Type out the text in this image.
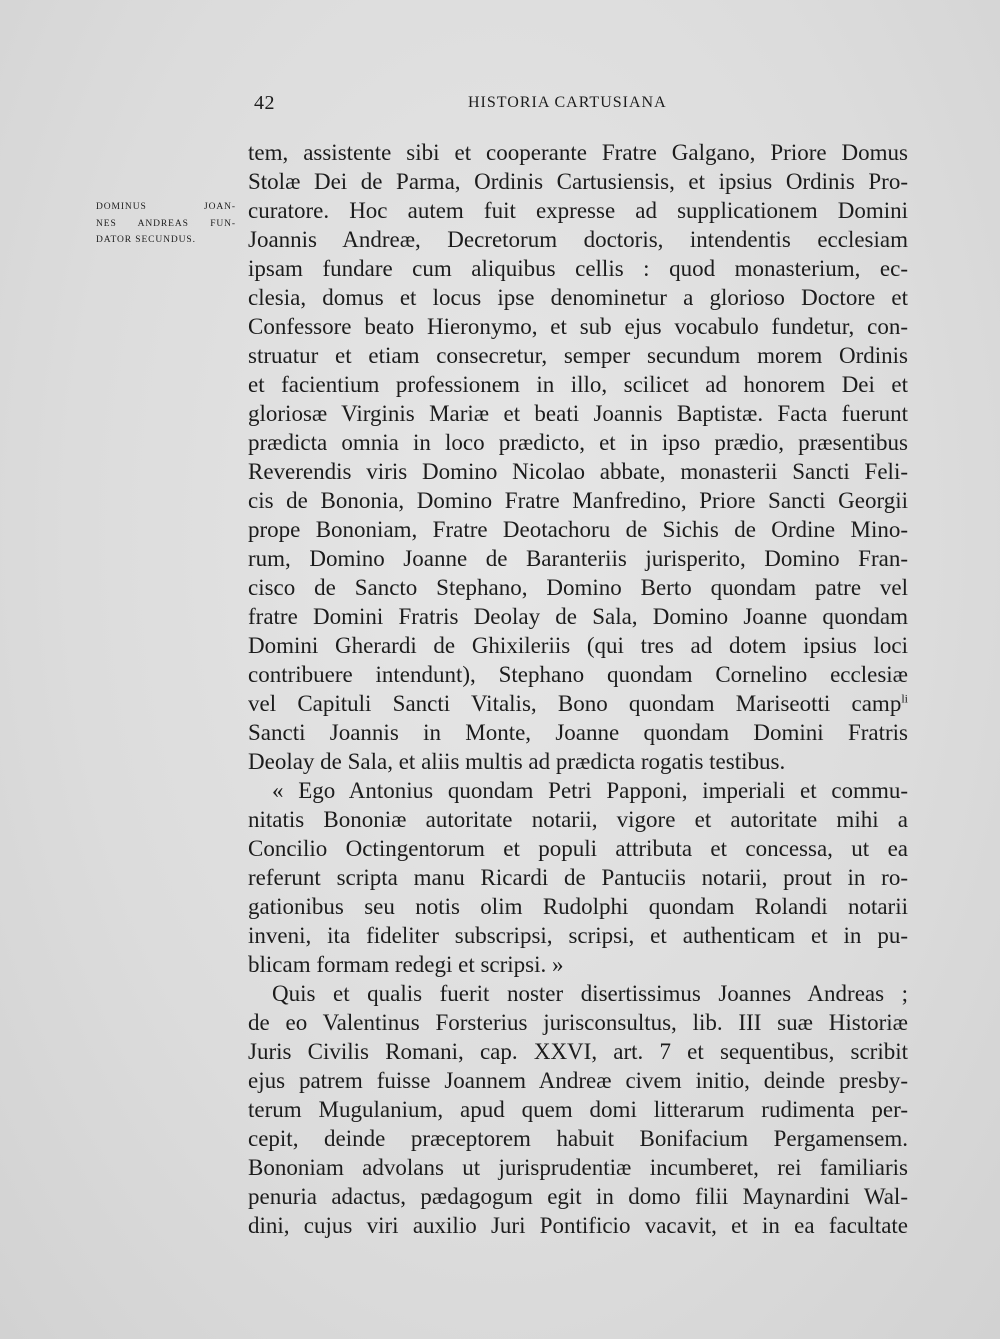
42	HISTORIA CARTUSIANA
DOMINUS JOAN-
NES ANDREAS FUN-
DATOR SECUNDUS.
tem, assistente sibi et cooperante Fratre Galgano, Priore Domus
Stolæ Dei de Parma, Ordinis Cartusiensis, et ipsius Ordinis Pro-
curatore. Hoc autem fuit expresse ad supplicationem Domini
Joannis Andreæ, Decretorum doctoris, intendentis ecclesiam
ipsam fundare cum aliquibus cellis : quod monasterium, ec-
clesia, domus et locus ipse denominetur a glorioso Doctore et
Confessore beato Hieronymo, et sub ejus vocabulo fundetur, con-
struatur et etiam consecretur, semper secundum morem Ordinis
et facientium professionem in illo, scilicet ad honorem Dei et
gloriosæ Virginis Mariæ et beati Joannis Baptistæ. Facta fuerunt
prædicta omnia in loco prædicto, et in ipso prædio, præsentibus
Reverendis viris Domino Nicolao abbate, monasterii Sancti Feli-
cis de Bononia, Domino Fratre Manfredino, Priore Sancti Georgii
prope Bononiam, Fratre Deotachoru de Sichis de Ordine Mino-
rum, Domino Joanne de Baranteriis jurisperito, Domino Fran-
cisco de Sancto Stephano, Domino Berto quondam patre vel
fratre Domini Fratris Deolay de Sala, Domino Joanne quondam
Domini Gherardi de Ghixileriis (qui tres ad dotem ipsius loci
contribuere intendunt), Stephano quondam Cornelino ecclesiæ
vel Capituli Sancti Vitalis, Bono quondam Mariseotti camp$^{li}$
Sancti Joannis in Monte, Joanne quondam Domini Fratris
Deolay de Sala, et aliis multis ad prædicta rogatis testibus.
« Ego Antonius quondam Petri Papponi, imperiali et commu-
nitatis Bononiæ autoritate notarii, vigore et autoritate mihi a
Concilio Octingentorum et populi attributa et concessa, ut ea
referunt scripta manu Ricardi de Pantuciis notarii, prout in ro-
gationibus seu notis olim Rudolphi quondam Rolandi notarii
inveni, ita fideliter subscripsi, scripsi, et authenticam et in pu-
blicam formam redegi et scripsi. »
Quis et qualis fuerit noster disertissimus Joannes Andreas ;
de eo Valentinus Forsterius jurisconsultus, lib. III suæ Historiæ
Juris Civilis Romani, cap. XXVI, art. 7 et sequentibus, scribit
ejus patrem fuisse Joannem Andreæ civem initio, deinde presby-
terum Mugulanium, apud quem domi litterarum rudimenta per-
cepit, deinde præceptorem habuit Bonifacium Pergamensem.
Bononiam advolans ut jurisprudentiæ incumberet, rei familiaris
penuria adactus, pædagogum egit in domo filii Maynardini Wal-
dini, cujus viri auxilio Juri Pontificio vacavit, et in ea facultate
